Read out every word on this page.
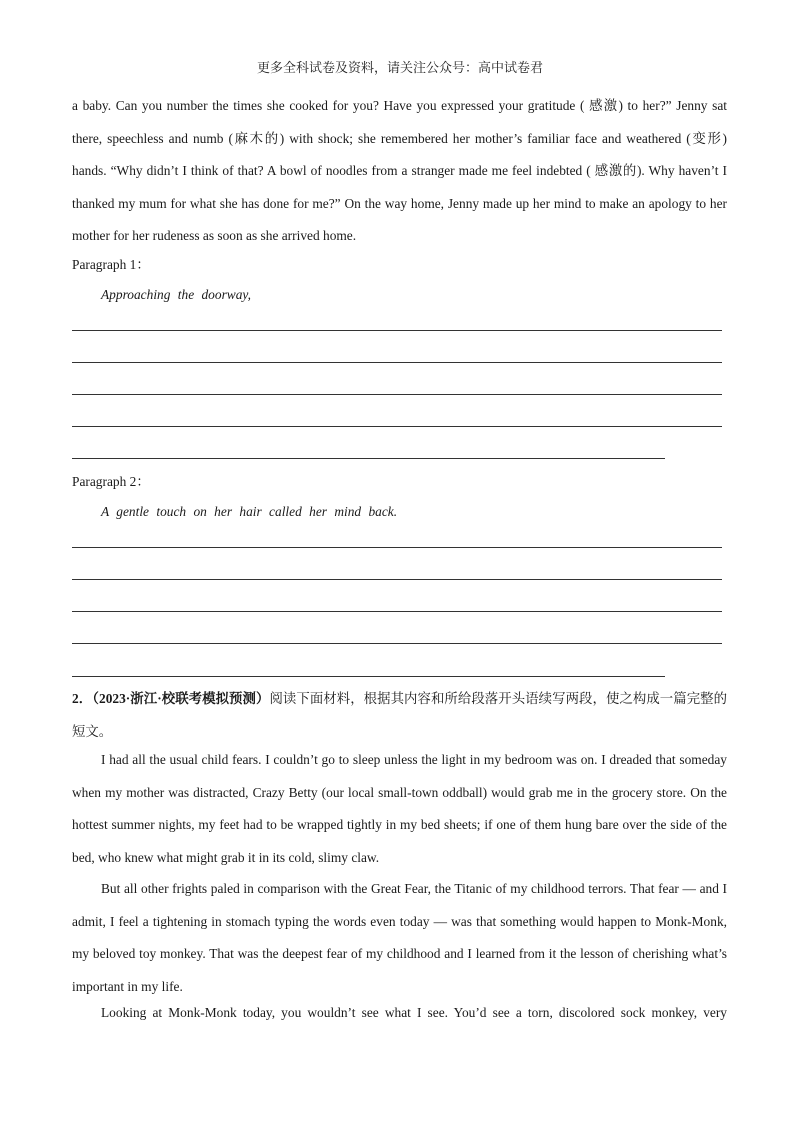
更多全科试卷及资料，请关注公众号：高中试卷君

a baby. Can you number the times she cooked for you? Have you expressed your gratitude ( 感激) to her?” Jenny sat there, speechless and numb (麻木的) with shock; she remembered her mother’s familiar face and weathered (变形) hands. “Why didn’t I think of that? A bowl of noodles from a stranger made me feel indebted ( 感激的). Why haven’t I thanked my mum for what she has done for me?” On the way home, Jenny made up her mind to make an apology to her mother for her rudeness as soon as she arrived home.

Paragraph 1：
Approaching the doorway,
Paragraph 2：
A gentle touch on her hair called her mind back.

2．（2023·浙江·校联考模拟预测）阅读下面材料，根据其内容和所给段落开头语续写两段，使之构成一篇完整的短文。

I had all the usual child fears. I couldn’t go to sleep unless the light in my bedroom was on. I dreaded that someday when my mother was distracted, Crazy Betty (our local small-town oddball) would grab me in the grocery store. On the hottest summer nights, my feet had to be wrapped tightly in my bed sheets; if one of them hung bare over the side of the bed, who knew what might grab it in its cold, slimy claw.

But all other frights paled in comparison with the Great Fear, the Titanic of my childhood terrors. That fear — and I admit, I feel a tightening in stomach typing the words even today — was that something would happen to Monk-Monk, my beloved toy monkey. That was the deepest fear of my childhood and I learned from it the lesson of cherishing what’s important in my life.

Looking at Monk-Monk today, you wouldn’t see what I see. You’d see a torn, discolored sock monkey, very
